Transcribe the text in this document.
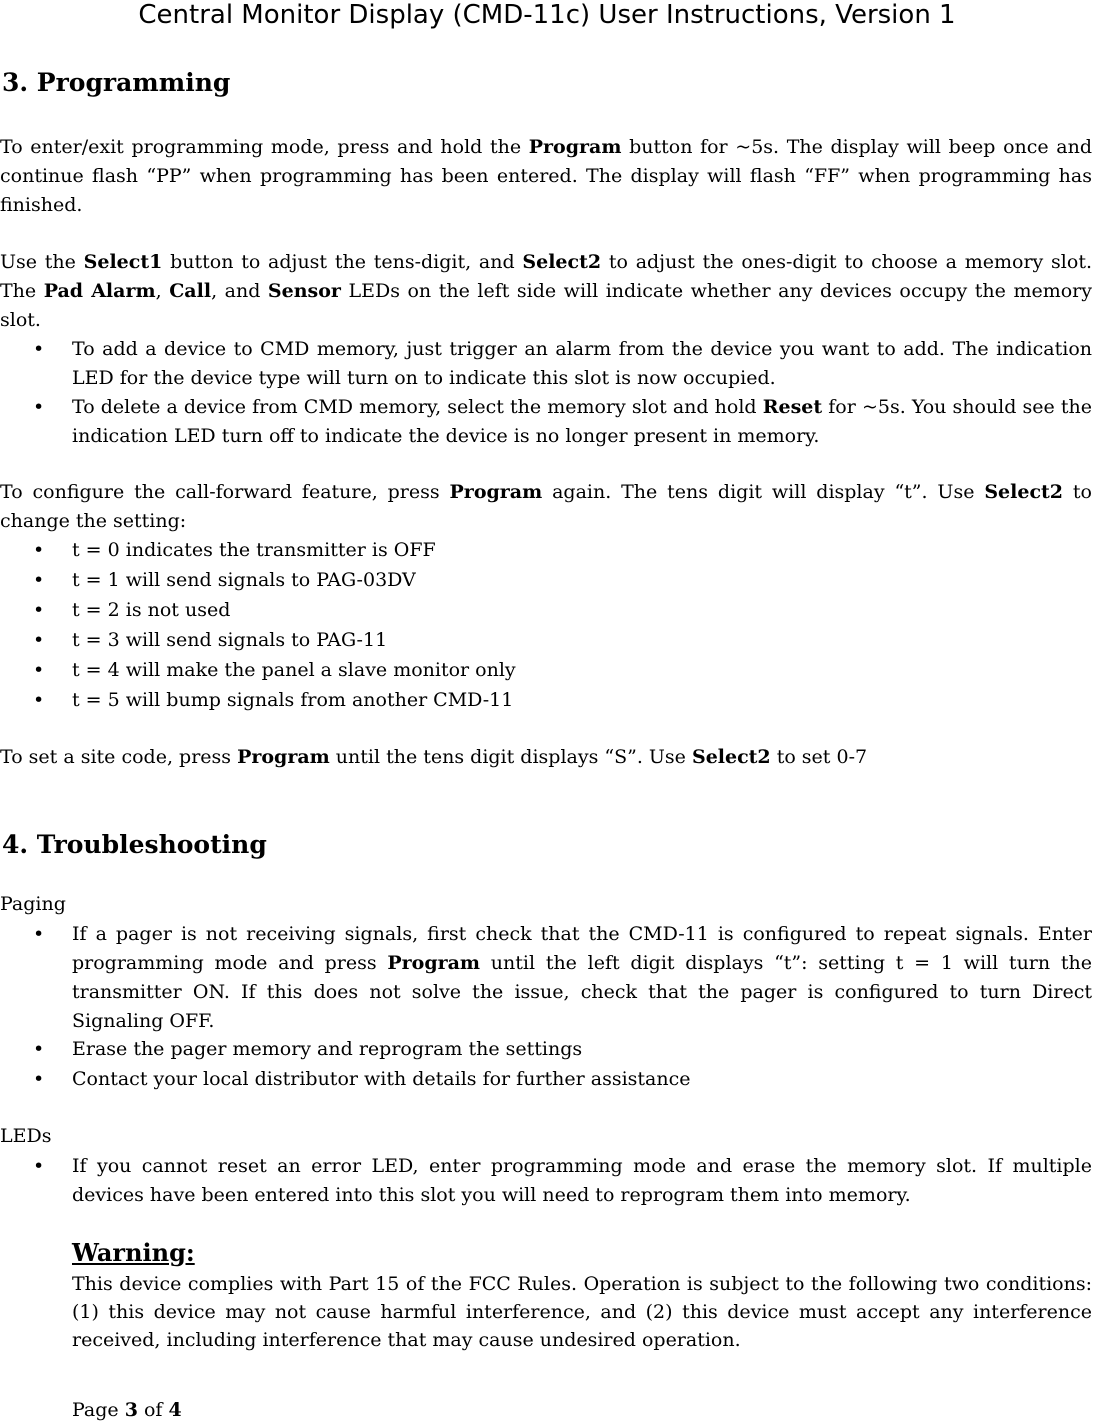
Central Monitor Display (CMD-11c) User Instructions, Version 1
3. Programming
To enter/exit programming mode, press and hold the Program button for ~5s. The display will beep once and continue flash “PP” when programming has been entered. The display will flash “FF” when programming has finished.
Use the Select1 button to adjust the tens-digit, and Select2 to adjust the ones-digit to choose a memory slot. The Pad Alarm, Call, and Sensor LEDs on the left side will indicate whether any devices occupy the memory slot.
• To add a device to CMD memory, just trigger an alarm from the device you want to add. The indication LED for the device type will turn on to indicate this slot is now occupied.
• To delete a device from CMD memory, select the memory slot and hold Reset for ~5s. You should see the indication LED turn off to indicate the device is no longer present in memory.
To configure the call-forward feature, press Program again. The tens digit will display “t”. Use Select2 to change the setting:
• t = 0 indicates the transmitter is OFF
• t = 1 will send signals to PAG-03DV
• t = 2 is not used
• t = 3 will send signals to PAG-11
• t = 4 will make the panel a slave monitor only
• t = 5 will bump signals from another CMD-11
To set a site code, press Program until the tens digit displays “S”. Use Select2 to set 0-7
4. Troubleshooting
Paging
• If a pager is not receiving signals, first check that the CMD-11 is configured to repeat signals. Enter programming mode and press Program until the left digit displays “t”: setting t = 1 will turn the transmitter ON. If this does not solve the issue, check that the pager is configured to turn Direct Signaling OFF.
• Erase the pager memory and reprogram the settings
• Contact your local distributor with details for further assistance
LEDs
• If you cannot reset an error LED, enter programming mode and erase the memory slot. If multiple devices have been entered into this slot you will need to reprogram them into memory.
Warning:
This device complies with Part 15 of the FCC Rules. Operation is subject to the following two conditions: (1) this device may not cause harmful interference, and (2) this device must accept any interference received, including interference that may cause undesired operation.
Page 3 of 4
